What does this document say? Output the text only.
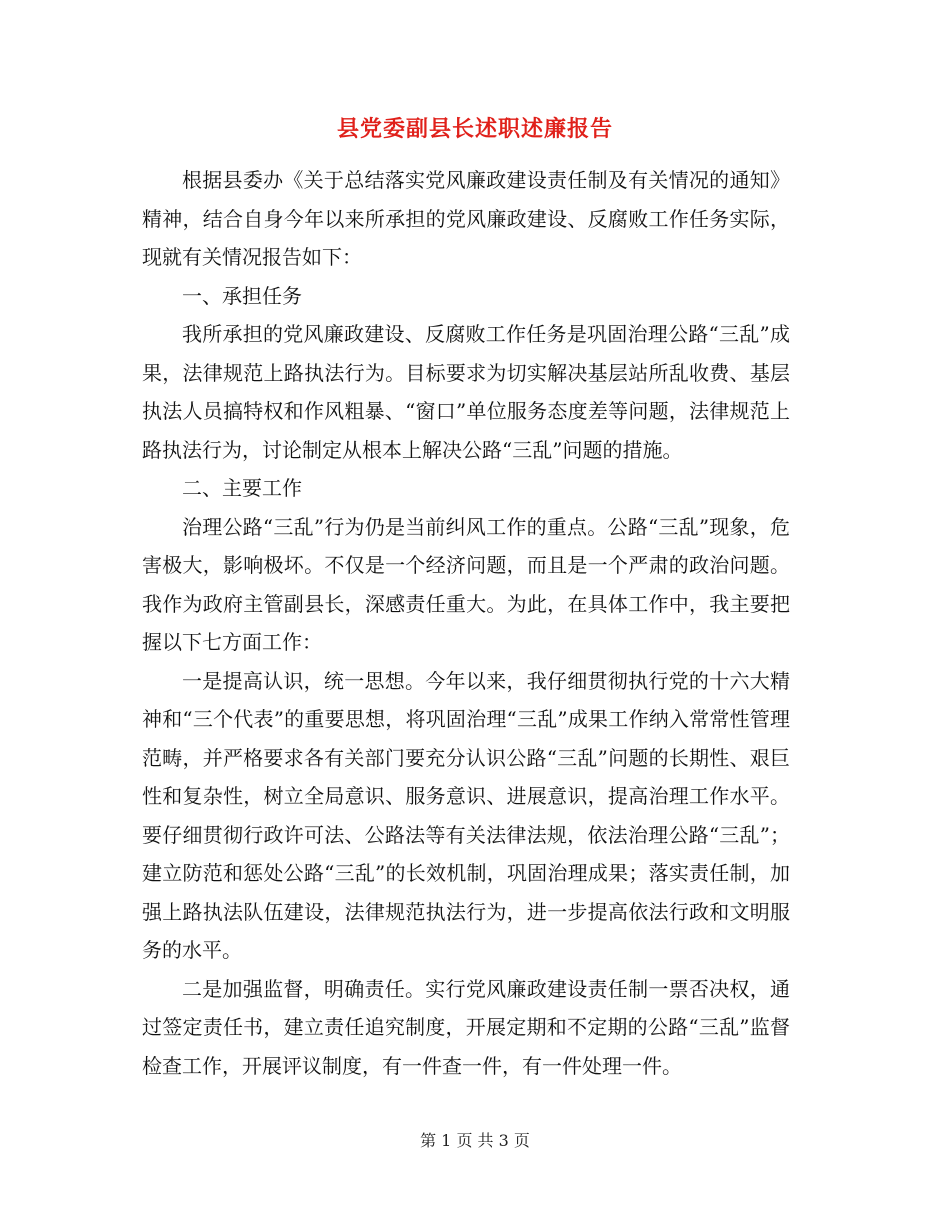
县党委副县长述职述廉报告

根据县委办《关于总结落实党风廉政建设责任制及有关情况的通知》精神，结合自身今年以来所承担的党风廉政建设、反腐败工作任务实际，现就有关情况报告如下：

一、承担任务

我所承担的党风廉政建设、反腐败工作任务是巩固治理公路“三乱”成果，法律规范上路执法行为。目标要求为切实解决基层站所乱收费、基层执法人员搞特权和作风粗暴、“窗口”单位服务态度差等问题，法律规范上路执法行为，讨论制定从根本上解决公路“三乱”问题的措施。

二、主要工作

治理公路“三乱”行为仍是当前纠风工作的重点。公路“三乱”现象，危害极大，影响极坏。不仅是一个经济问题，而且是一个严肃的政治问题。我作为政府主管副县长，深感责任重大。为此，在具体工作中，我主要把握以下七方面工作：

一是提高认识，统一思想。今年以来，我仔细贯彻执行党的十六大精神和“三个代表”的重要思想，将巩固治理“三乱”成果工作纳入常常性管理范畴，并严格要求各有关部门要充分认识公路“三乱”问题的长期性、艰巨性和复杂性，树立全局意识、服务意识、进展意识，提高治理工作水平。要仔细贯彻行政许可法、公路法等有关法律法规，依法治理公路“三乱”；建立防范和惩处公路“三乱”的长效机制，巩固治理成果；落实责任制，加强上路执法队伍建设，法律规范执法行为，进一步提高依法行政和文明服务的水平。

二是加强监督，明确责任。实行党风廉政建设责任制一票否决权，通过签定责任书，建立责任追究制度，开展定期和不定期的公路“三乱”监督检查工作，开展评议制度，有一件查一件，有一件处理一件。

第 1 页 共 3 页
